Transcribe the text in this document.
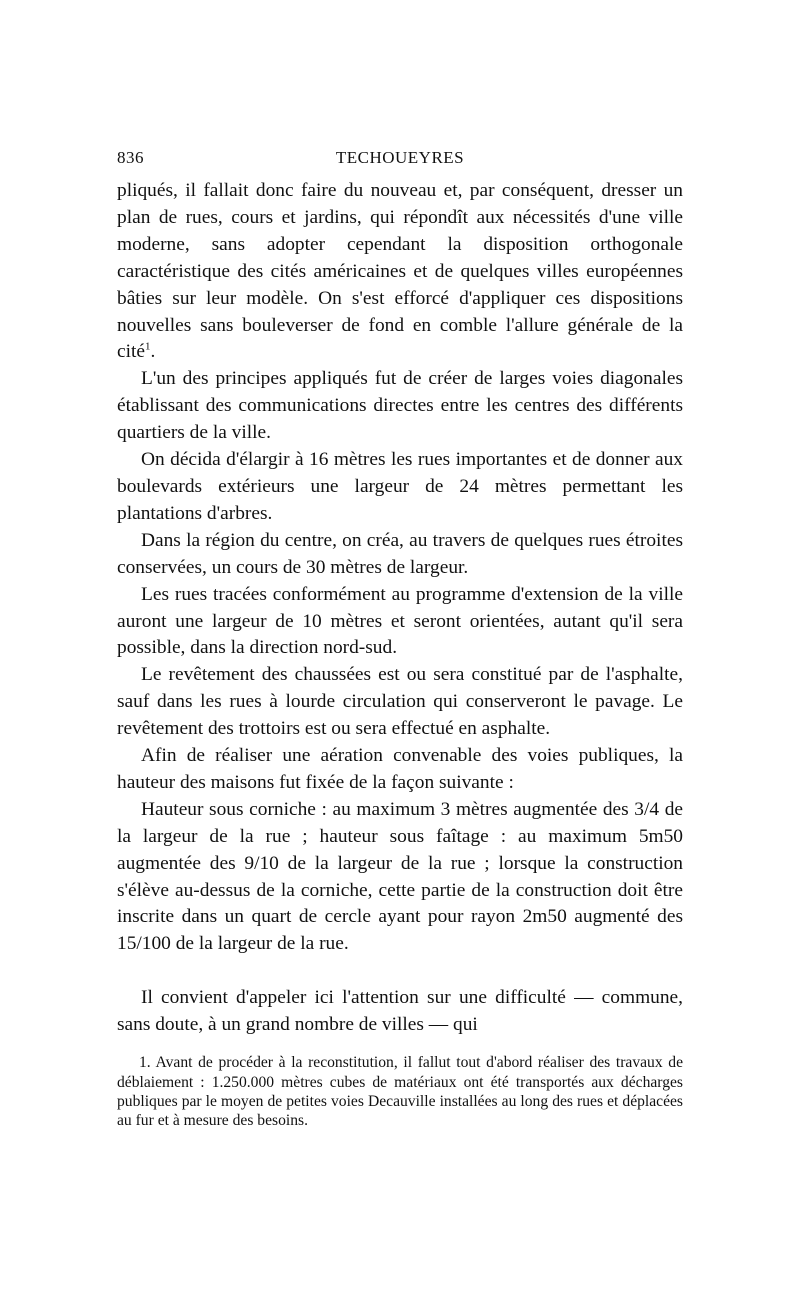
836	TECHOUEYRES

pliqués, il fallait donc faire du nouveau et, par conséquent, dresser un plan de rues, cours et jardins, qui répondît aux nécessités d'une ville moderne, sans adopter cependant la disposition orthogonale caractéristique des cités américaines et de quelques villes européennes bâties sur leur modèle. On s'est efforcé d'appliquer ces dispositions nouvelles sans bouleverser de fond en comble l'allure générale de la cité$^1$.

L'un des principes appliqués fut de créer de larges voies diagonales établissant des communications directes entre les centres des différents quartiers de la ville.

On décida d'élargir à 16 mètres les rues importantes et de donner aux boulevards extérieurs une largeur de 24 mètres permettant les plantations d'arbres.

Dans la région du centre, on créa, au travers de quelques rues étroites conservées, un cours de 30 mètres de largeur.

Les rues tracées conformément au programme d'extension de la ville auront une largeur de 10 mètres et seront orientées, autant qu'il sera possible, dans la direction nord-sud.

Le revêtement des chaussées est ou sera constitué par de l'asphalte, sauf dans les rues à lourde circulation qui conserveront le pavage. Le revêtement des trottoirs est ou sera effectué en asphalte.

Afin de réaliser une aération convenable des voies publiques, la hauteur des maisons fut fixée de la façon suivante :

Hauteur sous corniche : au maximum 3 mètres augmentée des 3/4 de la largeur de la rue ; hauteur sous faîtage : au maximum 5m50 augmentée des 9/10 de la largeur de la rue ; lorsque la construction s'élève au-dessus de la corniche, cette partie de la construction doit être inscrite dans un quart de cercle ayant pour rayon 2m50 augmenté des 15/100 de la largeur de la rue.

Il convient d'appeler ici l'attention sur une difficulté — commune, sans doute, à un grand nombre de villes — qui

1. Avant de procéder à la reconstitution, il fallut tout d'abord réaliser des travaux de déblaiement : 1.250.000 mètres cubes de matériaux ont été transportés aux décharges publiques par le moyen de petites voies Decauville installées au long des rues et déplacées au fur et à mesure des besoins.
